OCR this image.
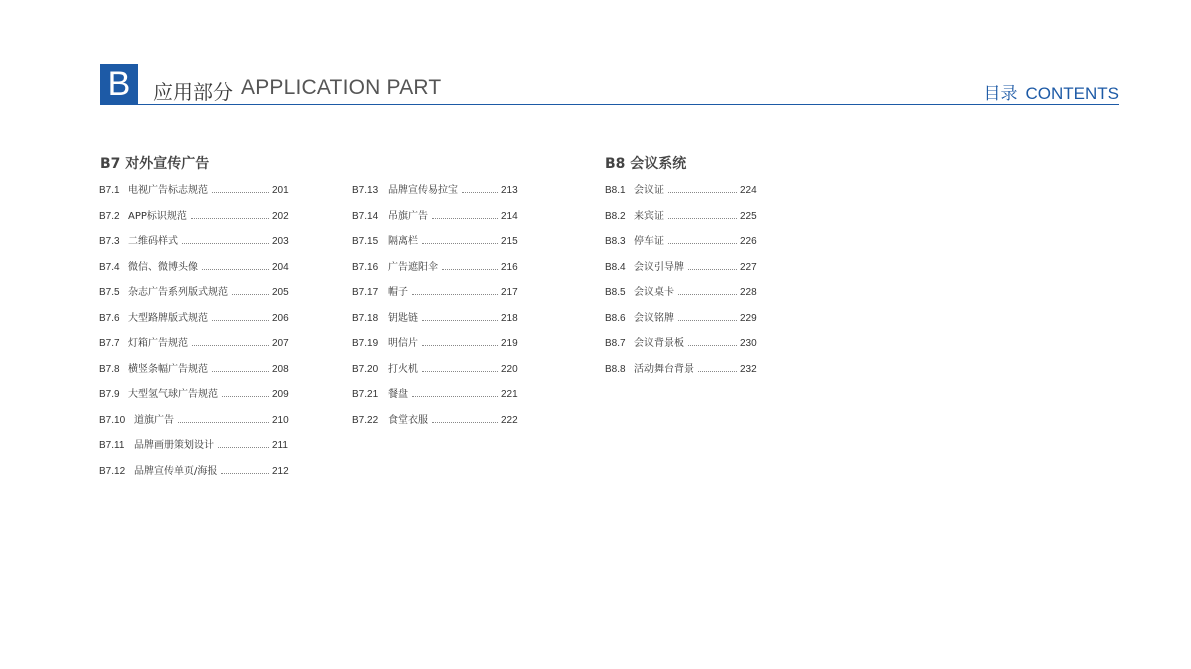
B	应用部分 APPLICATION PART	目录 CONTENTS
B7 对外宣传广告	B8 会议系统
B7.1 电视广告标志规范	201
B7.2 APP标识规范	202
B7.3 二维码样式	203
B7.4 微信、微博头像	204
B7.5 杂志广告系列版式规范	205
B7.6 大型路牌版式规范	206
B7.7 灯箱广告规范	207
B7.8 横竖条幅广告规范	208
B7.9 大型氢气球广告规范	209
B7.10 道旗广告	210
B7.11 品牌画册策划设计	211
B7.12 品牌宣传单页/海报	212
B7.13 品牌宣传易拉宝	213
B7.14 吊旗广告	214
B7.15 隔离栏	215
B7.16 广告遮阳伞	216
B7.17 帽子	217
B7.18 钥匙链	218
B7.19 明信片	219
B7.20 打火机	220
B7.21 餐盘	221
B7.22 食堂衣服	222
B8.1 会议证	224
B8.2 来宾证	225
B8.3 停车证	226
B8.4 会议引导牌	227
B8.5 会议桌卡	228
B8.6 会议铭牌	229
B8.7 会议背景板	230
B8.8 活动舞台背景	232
